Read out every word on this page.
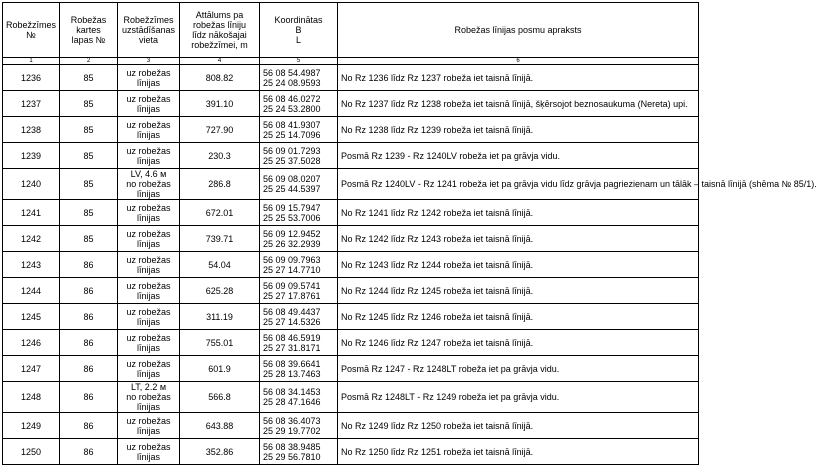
Robežzīmes
№	Robežas
kartes
lapas №	Robežzīmes
uzstādīšanas
vieta	Attālums pa
robežas līniju
līdz nākošajai
robežzīmei, m	Koordinātas
B
L	Robežas līnijas posmu apraksts

1	2	3	4	5	6
1236	85	uz robežas
līnijas	808.82	56 08 54.4987
25 24 08.9593	No Rz 1236 līdz Rz 1237 robeža iet taisnā līnijā.
1237	85	uz robežas
līnijas	391.10	56 08 46.0272
25 24 53.2800	No Rz 1237 līdz Rz 1238 robeža iet taisnā līnijā, šķērsojot beznosaukuma (Nereta) upi.
1238	85	uz robežas
līnijas	727.90	56 08 41.9307
25 25 14.7096	No Rz 1238 līdz Rz 1239 robeža iet taisnā līnijā.
1239	85	uz robežas
līnijas	230.3	56 09 01.7293
25 25 37.5028	Posmā Rz 1239 - Rz 1240LV robeža iet pa grāvja vidu.
1240	85	LV, 4.6 м
no robežas
līnijas	286.8	56 09 08.0207
25 25 44.5397	Posmā Rz 1240LV - Rz 1241 robeža iet pa grāvja vidu līdz grāvja pagriezienam un tālāk – taisnā līnijā (shēma № 85/1).
1241	85	uz robežas
līnijas	672.01	56 09 15.7947
25 25 53.7006	No Rz 1241 līdz Rz 1242 robeža iet taisnā līnijā.
1242	85	uz robežas
līnijas	739.71	56 09 12.9452
25 26 32.2939	No Rz 1242 līdz Rz 1243 robeža iet taisnā līnijā.
1243	86	uz robežas
līnijas	54.04	56 09 09.7963
25 27 14.7710	No Rz 1243 līdz Rz 1244 robeža iet taisnā līnijā.
1244	86	uz robežas
līnijas	625.28	56 09 09.5741
25 27 17.8761	No Rz 1244 līdz Rz 1245 robeža iet taisnā līnijā.
1245	86	uz robežas
līnijas	311.19	56 08 49.4437
25 27 14.5326	No Rz 1245 līdz Rz 1246 robeža iet taisnā līnijā.
1246	86	uz robežas
līnijas	755.01	56 08 46.5919
25 27 31.8171	No Rz 1246 līdz Rz 1247 robeža iet taisnā līnijā.
1247	86	uz robežas
līnijas	601.9	56 08 39.6641
25 28 13.7463	Posmā Rz 1247 - Rz 1248LT robeža iet pa grāvja vidu.
1248	86	LT, 2.2 м
no robežas
līnijas	566.8	56 08 34.1453
25 28 47.1646	Posmā Rz 1248LT - Rz 1249 robeža iet pa grāvja vidu.
1249	86	uz robežas
līnijas	643.88	56 08 36.4073
25 29 19.7702	No Rz 1249 līdz Rz 1250 robeža iet taisnā līnijā.
1250	86	uz robežas
līnijas	352.86	56 08 38.9485
25 29 56.7810	No Rz 1250 līdz Rz 1251 robeža iet taisnā līnijā.
